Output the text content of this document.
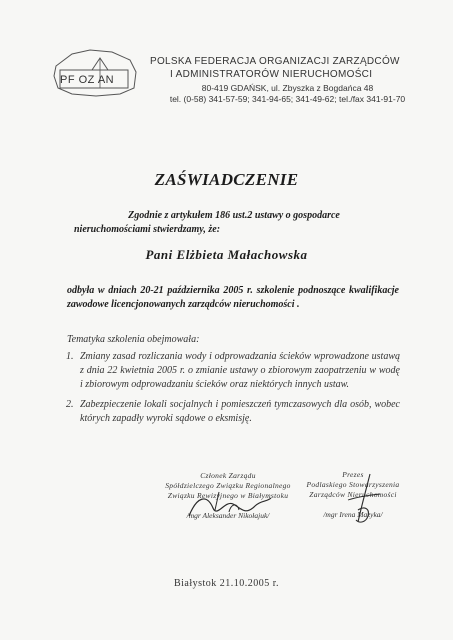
PF OZ AN
POLSKA FEDERACJA ORGANIZACJI ZARZĄDCÓW
I ADMINISTRATORÓW NIERUCHOMOŚCI
80-419 GDAŃSK, ul. Zbyszka z Bogdańca 48
tel. (0-58) 341-57-59; 341-94-65; 341-49-62; tel./fax 341-91-70
ZAŚWIADCZENIE
Zgodnie z artykułem 186 ust.2 ustawy o gospodarce
nieruchomościami stwierdzamy, że:
Pani Elżbieta Małachowska
odbyła w dniach 20-21 października 2005 r. szkolenie podnoszące kwalifikacje zawodowe licencjonowanych zarządców nieruchomości .
Tematyka szkolenia obejmowała:
1. Zmiany zasad rozliczania wody i odprowadzania ścieków wprowadzone ustawą z dnia 22 kwietnia 2005 r. o zmianie ustawy o zbiorowym zaopatrzeniu w wodę i zbiorowym odprowadzaniu ścieków oraz niektórych innych ustaw.
2. Zabezpieczenie lokali socjalnych i pomieszczeń tymczasowych dla osób, wobec których zapadły wyroki sądowe o eksmisję.
Członek Zarządu
Spółdzielczego Związku Regionalnego
Związku Rewizyjnego w Białymstoku
/mgr Aleksander Nikołajuk/
Prezes
Podlaskiego Stowarzyszenia
Zarządców Nieruchomości
/mgr Irena Mazyka/
Białystok 21.10.2005 r.
